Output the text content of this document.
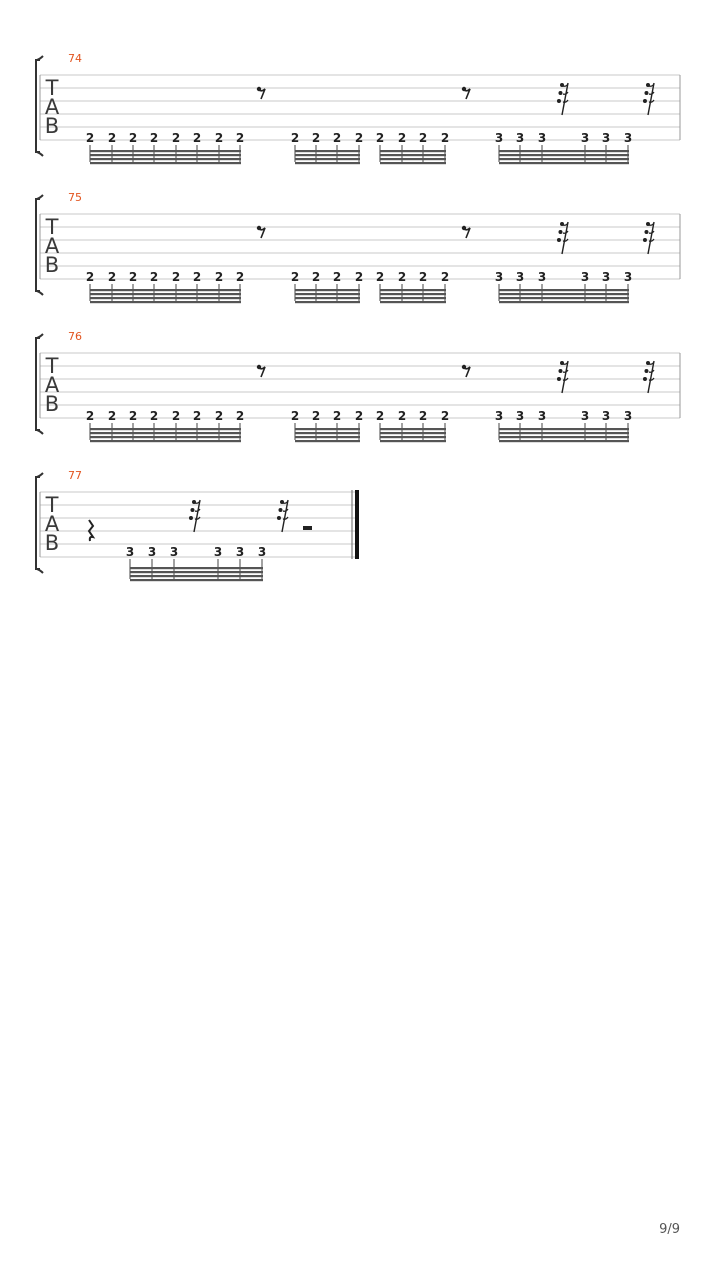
74
T
A
B 2 2 2 2 2 2 2 2	2 2 2 2 2 2 2 2	3 3 3	3 3 3
75
T
A
B 2 2 2 2 2 2 2 2	2 2 2 2 2 2 2 2	3 3 3	3 3 3
76
T
A
B 2 2 2 2 2 2 2 2	2 2 2 2 2 2 2 2	3 3 3	3 3 3
77
T
A
B	3 3 3	3 3 3
9/9
